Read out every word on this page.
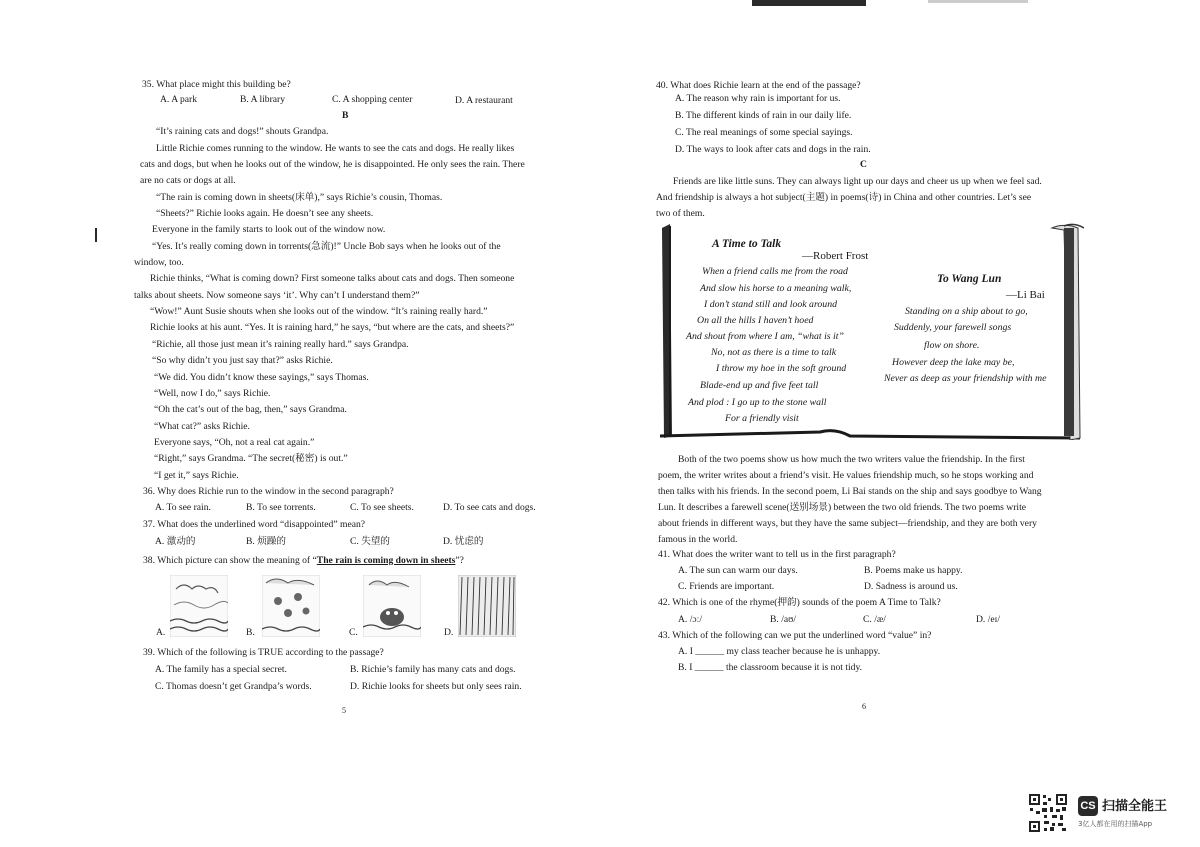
35. What place might this building be?
A. A park	B. A library	C. A shopping center	D. A restaurant
B
“It’s raining cats and dogs!” shouts Grandpa.
Little Richie comes running to the window. He wants to see the cats and dogs. He really likes
cats and dogs, but when he looks out of the window, he is disappointed. He only sees the rain. There
are no cats or dogs at all.
“The rain is coming down in sheets(床单),” says Richie’s cousin, Thomas.
“Sheets?” Richie looks again. He doesn’t see any sheets.
Everyone in the family starts to look out of the window now.
“Yes. It’s really coming down in torrents(急流)!” Uncle Bob says when he looks out of the
window, too.
Richie thinks, “What is coming down? First someone talks about cats and dogs. Then someone
talks about sheets. Now someone says ‘it’. Why can’t I understand them?”
“Wow!” Aunt Susie shouts when she looks out of the window. “It’s raining really hard.”
Richie looks at his aunt. “Yes. It is raining hard,” he says, “but where are the cats, and sheets?”
“Richie, all those just mean it’s raining really hard.” says Grandpa.
“So why didn’t you just say that?” asks Richie.
“We did. You didn’t know these sayings,” says Thomas.
“Well, now I do,” says Richie.
“Oh the cat’s out of the bag, then,” says Grandma.
“What cat?” asks Richie.
Everyone says, “Oh, not a real cat again.”
“Right,” says Grandma. “The secret(秘密) is out.”
“I get it,” says Richie.
36. Why does Richie run to the window in the second paragraph?
A. To see rain.	B. To see torrents.	C. To see sheets.	D. To see cats and dogs.
37. What does the underlined word “disappointed” mean?
A. 激动的	B. 烦躁的	C. 失望的	D. 忧虑的
38. Which picture can show the meaning of “The rain is coming down in sheets”?
A.	B.	C.	D.
39. Which of the following is TRUE according to the passage?
A. The family has a special secret.	B. Richie’s family has many cats and dogs.
C. Thomas doesn’t get Grandpa’s words.	D. Richie looks for sheets but only sees rain.
5
40. What does Richie learn at the end of the passage?
A. The reason why rain is important for us.
B. The different kinds of rain in our daily life.
C. The real meanings of some special sayings.
D. The ways to look after cats and dogs in the rain.
C
Friends are like little suns. They can always light up our days and cheer us up when we feel sad.
And friendship is always a hot subject(主题) in poems(诗) in China and other countries. Let’s see
two of them.
A Time to Talk
—Robert Frost
When a friend calls me from the road
And slow his horse to a meaning walk,
I don’t stand still and look around
On all the hills I haven’t hoed
And shout from where I am, “what is it”
No, not as there is a time to talk
I throw my hoe in the soft ground
Blade-end up and five feet tall
And plod : I go up to the stone wall
For a friendly visit
To Wang Lun
—Li Bai
Standing on a ship about to go,
Suddenly, your farewell songs
flow on shore.
However deep the lake may be,
Never as deep as your friendship with me
Both of the two poems show us how much the two writers value the friendship. In the first
poem, the writer writes about a friend’s visit. He values friendship much, so he stops working and
then talks with his friends. In the second poem, Li Bai stands on the ship and says goodbye to Wang
Lun. It describes a farewell scene(送别场景) between the two old friends. The two poems write
about friends in different ways, but they have the same subject—friendship, and they are both very
famous in the world.
41. What does the writer want to tell us in the first paragraph?
A. The sun can warm our days.	B. Poems make us happy.
C. Friends are important.	D. Sadness is around us.
42. Which is one of the rhyme(押韵) sounds of the poem A Time to Talk?
A. /ɔː/	B. /aʊ/	C. /æ/	D. /eɪ/
43. Which of the following can we put the underlined word “value” in?
A. I ______ my class teacher because he is unhappy.
B. I ______ the classroom because it is not tidy.
6
CS 扫描全能王
3亿人都在用的扫描App
